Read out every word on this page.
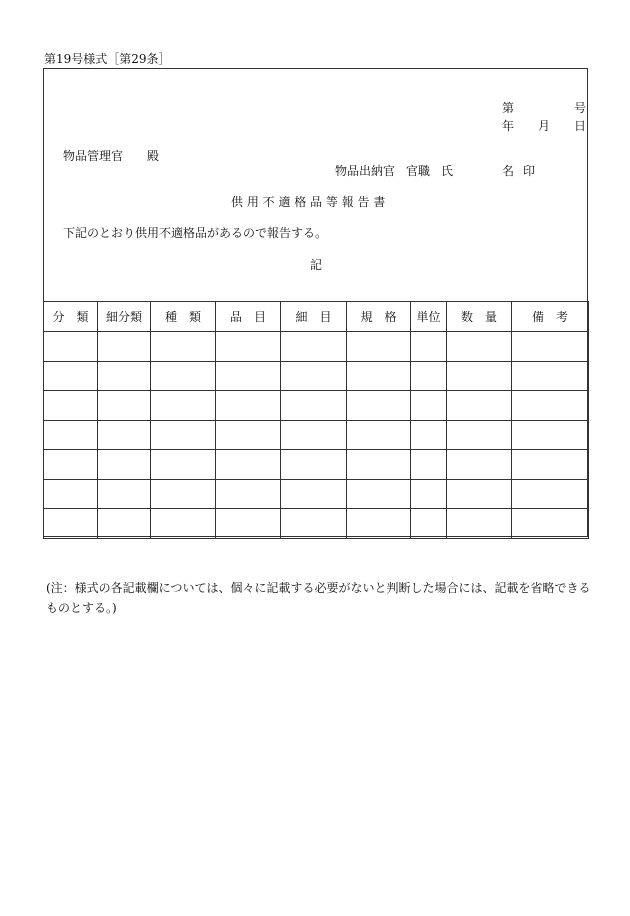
第19号様式［第29条］
第	号
年 月 日
物品管理官 殿
物品出納官 官職 氏	名 印
供 用 不 適 格 品 等 報 告 書
下記のとおり供用不適格品があるので報告する。
記
分　類	細分類	種　類	品　目	細　目	規　格	単位	数　量	備　考

(注：様式の各記載欄については、個々に記載する必要がないと判断した場合には、記載を省略できるものとする。)
